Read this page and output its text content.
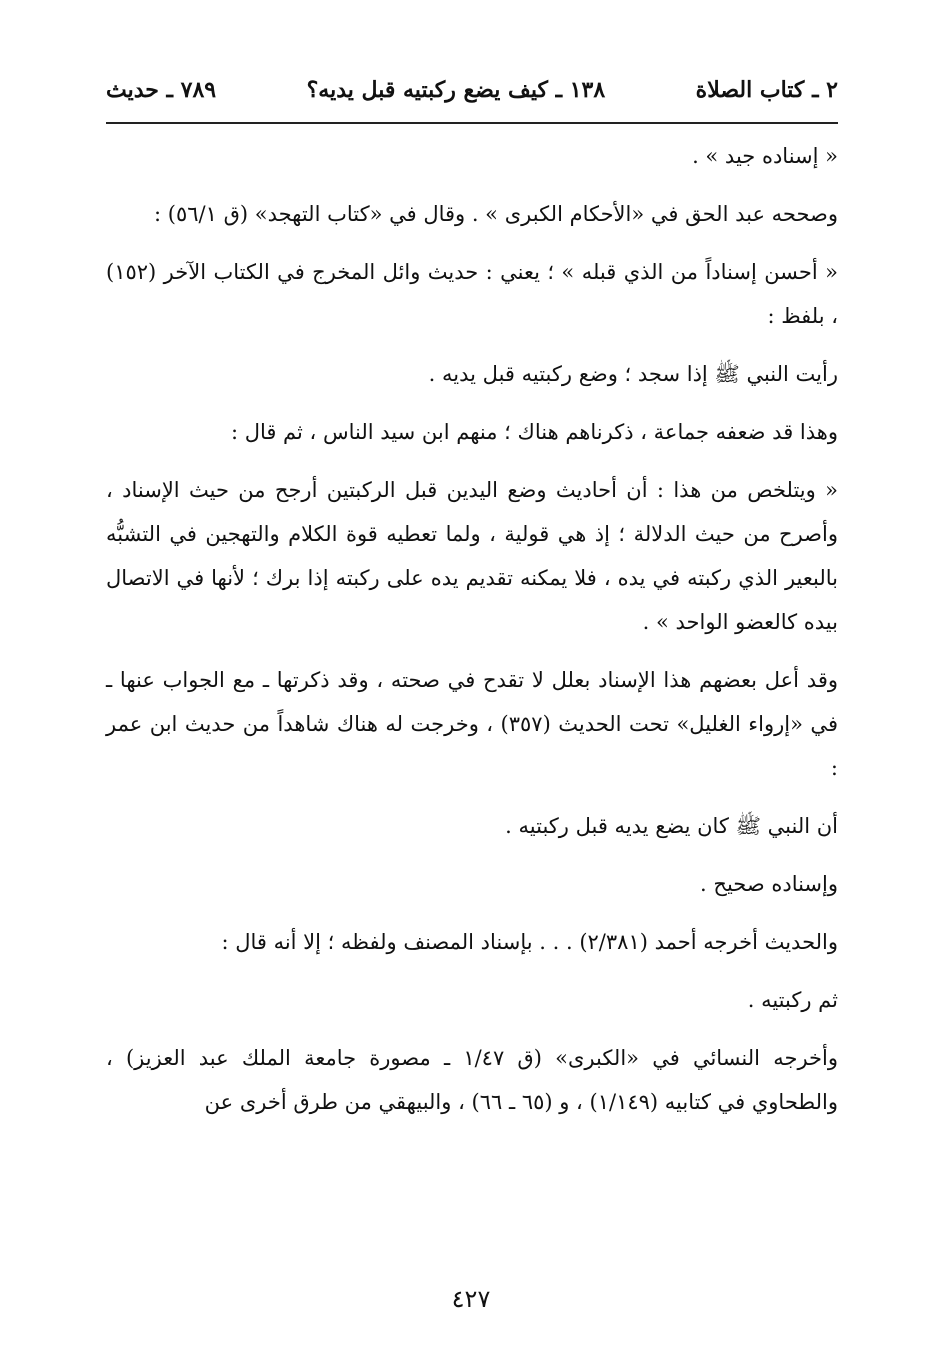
٢ ـ كتاب الصلاة
١٣٨ ـ كيف يضع ركبتيه قبل يديه؟
٧٨٩ ـ حديث

« إسناده جيد » .

وصححه عبد الحق في «الأحكام الكبرى » . وقال في «كتاب التهجد» (ق ٥٦/١) :

« أحسن إسناداً من الذي قبله » ؛ يعني : حديث وائل المخرج في الكتاب الآخر (١٥٢) ، بلفظ :

رأيت النبي ﷺ إذا سجد ؛ وضع ركبتيه قبل يديه .

وهذا قد ضعفه جماعة ، ذكرناهم هناك ؛ منهم ابن سيد الناس ، ثم قال :

« ويتلخص من هذا : أن أحاديث وضع اليدين قبل الركبتين أرجح من حيث الإسناد ، وأصرح من حيث الدلالة ؛ إذ هي قولية ، ولما تعطيه قوة الكلام والتهجين في التشبُّه بالبعير الذي ركبته في يده ، فلا يمكنه تقديم يده على ركبته إذا برك ؛ لأنها في الاتصال بيده كالعضو الواحد » .

وقد أعل بعضهم هذا الإسناد بعلل لا تقدح في صحته ، وقد ذكرتها ـ مع الجواب عنها ـ في «إرواء الغليل» تحت الحديث (٣٥٧) ، وخرجت له هناك شاهداً من حديث ابن عمر :

أن النبي ﷺ كان يضع يديه قبل ركبتيه .

وإسناده صحيح .

والحديث أخرجه أحمد (٢/٣٨١) . . . بإسناد المصنف ولفظه ؛ إلا أنه قال :

ثم ركبتيه .

وأخرجه النسائي في «الكبرى» (ق ١/٤٧ ـ مصورة جامعة الملك عبد العزيز) ، والطحاوي في كتابيه (١/١٤٩) ، و (٦٥ ـ ٦٦) ، والبيهقي من طرق أخرى عن

٤٢٧
